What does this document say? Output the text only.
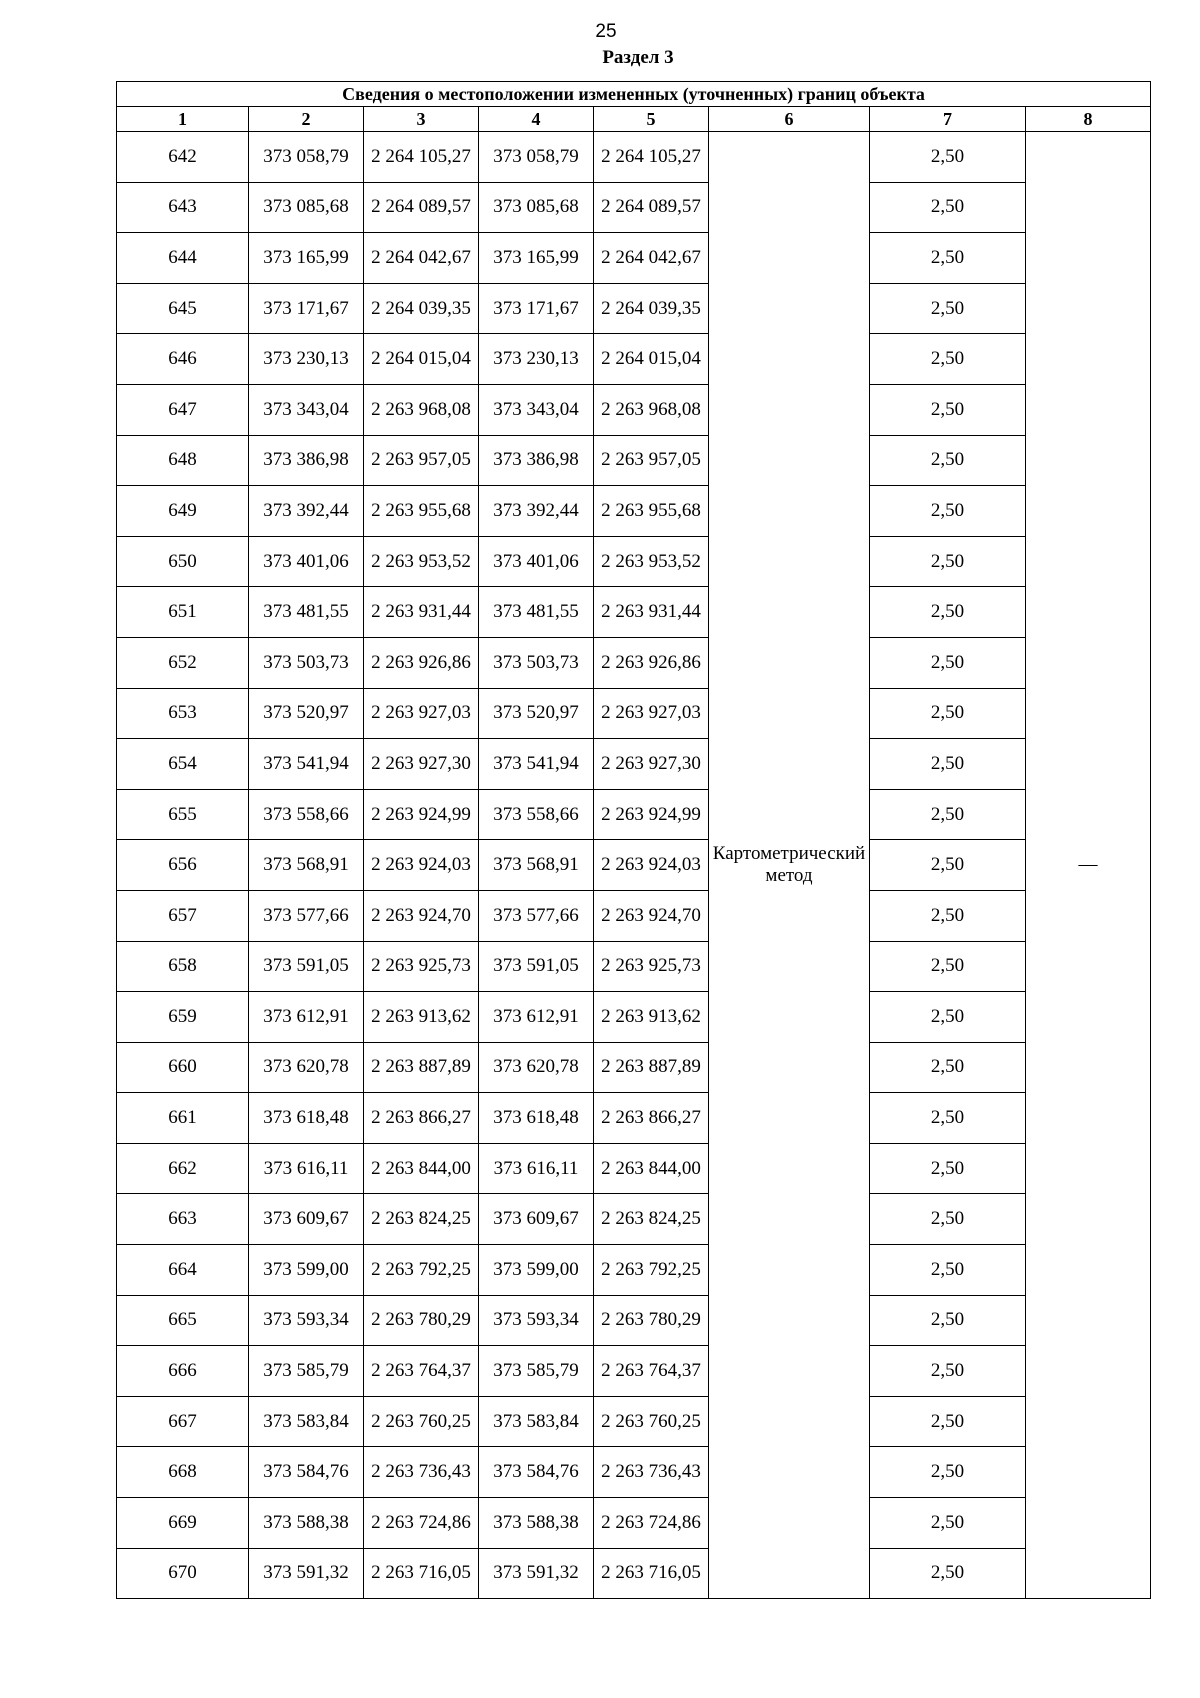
25
Раздел 3
Сведения о местоположении измененных (уточненных) границ объекта							
1	2	3	4	5	6	7	8
642	373 058,79	2 264 105,27	373 058,79	2 264 105,27	Картометрический метод	2,50	—
643	373 085,68	2 264 089,57	373 085,68	2 264 089,57		2,50	
644	373 165,99	2 264 042,67	373 165,99	2 264 042,67		2,50	
645	373 171,67	2 264 039,35	373 171,67	2 264 039,35		2,50	
646	373 230,13	2 264 015,04	373 230,13	2 264 015,04		2,50	
647	373 343,04	2 263 968,08	373 343,04	2 263 968,08		2,50	
648	373 386,98	2 263 957,05	373 386,98	2 263 957,05		2,50	
649	373 392,44	2 263 955,68	373 392,44	2 263 955,68		2,50	
650	373 401,06	2 263 953,52	373 401,06	2 263 953,52		2,50	
651	373 481,55	2 263 931,44	373 481,55	2 263 931,44		2,50	
652	373 503,73	2 263 926,86	373 503,73	2 263 926,86		2,50	
653	373 520,97	2 263 927,03	373 520,97	2 263 927,03		2,50	
654	373 541,94	2 263 927,30	373 541,94	2 263 927,30		2,50	
655	373 558,66	2 263 924,99	373 558,66	2 263 924,99		2,50	
656	373 568,91	2 263 924,03	373 568,91	2 263 924,03		2,50	
657	373 577,66	2 263 924,70	373 577,66	2 263 924,70		2,50	
658	373 591,05	2 263 925,73	373 591,05	2 263 925,73		2,50	
659	373 612,91	2 263 913,62	373 612,91	2 263 913,62		2,50	
660	373 620,78	2 263 887,89	373 620,78	2 263 887,89		2,50	
661	373 618,48	2 263 866,27	373 618,48	2 263 866,27		2,50	
662	373 616,11	2 263 844,00	373 616,11	2 263 844,00		2,50	
663	373 609,67	2 263 824,25	373 609,67	2 263 824,25		2,50	
664	373 599,00	2 263 792,25	373 599,00	2 263 792,25		2,50	
665	373 593,34	2 263 780,29	373 593,34	2 263 780,29		2,50	
666	373 585,79	2 263 764,37	373 585,79	2 263 764,37		2,50	
667	373 583,84	2 263 760,25	373 583,84	2 263 760,25		2,50	
668	373 584,76	2 263 736,43	373 584,76	2 263 736,43		2,50	
669	373 588,38	2 263 724,86	373 588,38	2 263 724,86		2,50	
670	373 591,32	2 263 716,05	373 591,32	2 263 716,05		2,50	
